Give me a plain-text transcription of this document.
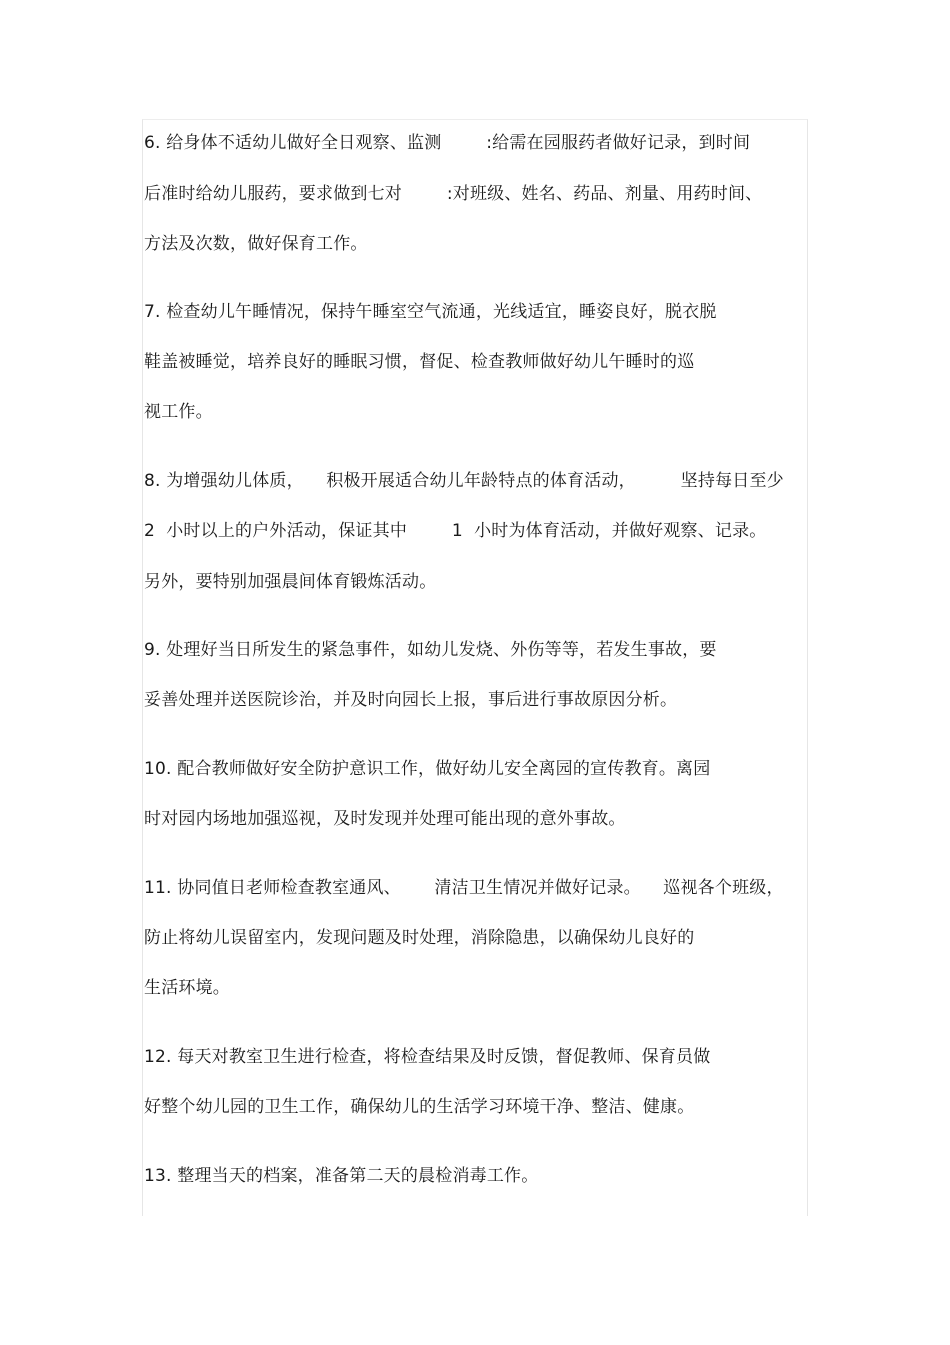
6. 给身体不适幼儿做好全日观察、监测        :给需在园服药者做好记录，到时间
后准时给幼儿服药，要求做到七对        :对班级、姓名、药品、剂量、用药时间、
方法及次数，做好保育工作。
7. 检查幼儿午睡情况，保持午睡室空气流通，光线适宜，睡姿良好，脱衣脱
鞋盖被睡觉，培养良好的睡眠习惯，督促、检查教师做好幼儿午睡时的巡
视工作。
8. 为增强幼儿体质，    积极开展适合幼儿年龄特点的体育活动，        坚持每日至少
2  小时以上的户外活动，保证其中        1  小时为体育活动，并做好观察、记录。
另外，要特别加强晨间体育锻炼活动。
9. 处理好当日所发生的紧急事件，如幼儿发烧、外伤等等，若发生事故，要
妥善处理并送医院诊治，并及时向园长上报，事后进行事故原因分析。
10. 配合教师做好安全防护意识工作，做好幼儿安全离园的宣传教育。离园
时对园内场地加强巡视，及时发现并处理可能出现的意外事故。
11. 协同值日老师检查教室通风、      清洁卫生情况并做好记录。    巡视各个班级，
防止将幼儿误留室内，发现问题及时处理，消除隐患，以确保幼儿良好的
生活环境。
12. 每天对教室卫生进行检查，将检查结果及时反馈，督促教师、保育员做
好整个幼儿园的卫生工作，确保幼儿的生活学习环境干净、整洁、健康。
13. 整理当天的档案，准备第二天的晨检消毒工作。
